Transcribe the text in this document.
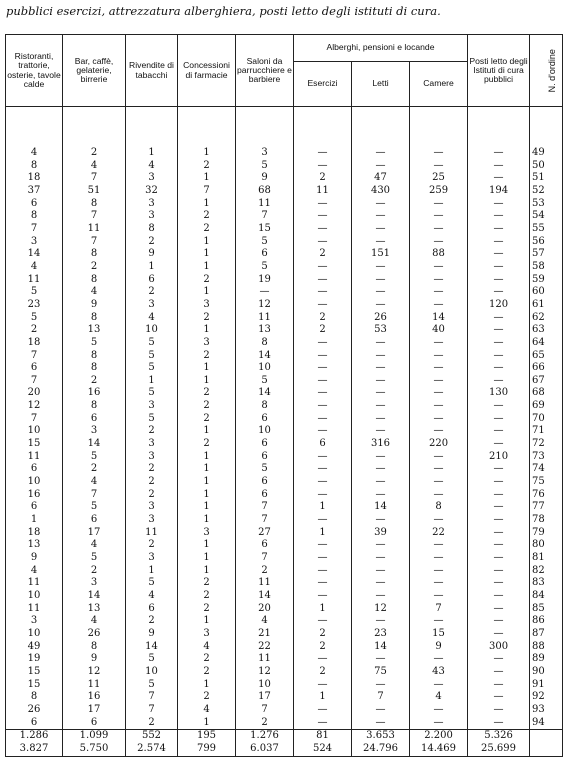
pubblici esercizi, attrezzatura alberghiera, posti letto degli istituti di cura.
Ristoranti, trattorie, osterie, tavole calde	Bar, caffè, gelaterie, birrerie	Rivendite di tabacchi	Concessioni di farmacie	Saloni da parrucchiere e barbiere	Alberghi, pensioni e locande			Posti letto degli Istituti di cura pubblici	N. d'ordine
					Esercizi	Letti	Camere		

4	2	1	1	3	—	—	—	—	49
8	4	4	2	5	—	—	—	—	50
18	7	3	1	9	2	47	25	—	51
37	51	32	7	68	11	430	259	194	52
6	8	3	1	11	—	—	—	—	53
8	7	3	2	7	—	—	—	—	54
7	11	8	2	15	—	—	—	—	55
3	7	2	1	5	—	—	—	—	56
14	8	9	1	6	2	151	88	—	57
4	2	1	1	5	—	—	—	—	58
11	8	6	2	19	—	—	—	—	59
5	4	2	1	—	—	—	—	—	60
23	9	3	3	12	—	—	—	120	61
5	8	4	2	11	2	26	14	—	62
2	13	10	1	13	2	53	40	—	63
18	5	5	3	8	—	—	—	—	64
7	8	5	2	14	—	—	—	—	65
6	8	5	1	10	—	—	—	—	66
7	2	1	1	5	—	—	—	—	67
20	16	5	2	14	—	—	—	130	68
12	8	3	2	8	—	—	—	—	69
7	6	5	2	6	—	—	—	—	70
10	3	2	1	10	—	—	—	—	71
15	14	3	2	6	6	316	220	—	72
11	5	3	1	6	—	—	—	210	73
6	2	2	1	5	—	—	—	—	74
10	4	2	1	6	—	—	—	—	75
16	7	2	1	6	—	—	—	—	76
6	5	3	1	7	1	14	8	—	77
1	6	3	1	7	—	—	—	—	78
18	17	11	3	27	1	39	22	—	79
13	4	2	1	6	—	—	—	—	80
9	5	3	1	7	—	—	—	—	81
4	2	1	1	2	—	—	—	—	82
11	3	5	2	11	—	—	—	—	83
10	14	4	2	14	—	—	—	—	84
11	13	6	2	20	1	12	7	—	85
3	4	2	1	4	—	—	—	—	86
10	26	9	3	21	2	23	15	—	87
49	8	14	4	22	2	14	9	300	88
19	9	5	2	11	—	—	—	—	89
15	12	10	2	12	2	75	43	—	90
15	11	5	1	10	—	—	—	—	91
8	16	7	2	17	1	7	4	—	92
26	17	7	4	7	—	—	—	—	93
6	6	2	1	2	—	—	—	—	94
1.286	1.099	552	195	1.276	81	3.653	2.200	5.326	
3.827	5.750	2.574	799	6.037	524	24.796	14.469	25.699	
